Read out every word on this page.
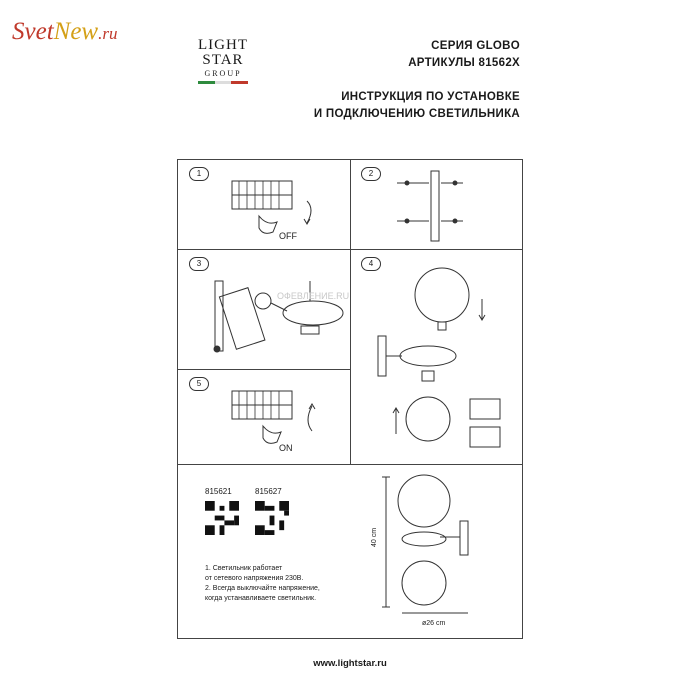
SvetNew.ru
LIGHT
STAR
GROUP
СЕРИЯ GLOBO
АРТИКУЛЫ 81562X
ИНСТРУКЦИЯ ПО УСТАНОВКЕ
И ПОДКЛЮЧЕНИЮ СВЕТИЛЬНИКА
1	2
3	4
5
OFF
ОФЕВЛЕНИЕ.RU
ON
815621	815627
40 cm
ø26 cm
1. Светильник работает
от сетевого напряжения 230В.
2. Всегда выключайте напряжение,
когда устанавливаете светильник.
www.lightstar.ru
